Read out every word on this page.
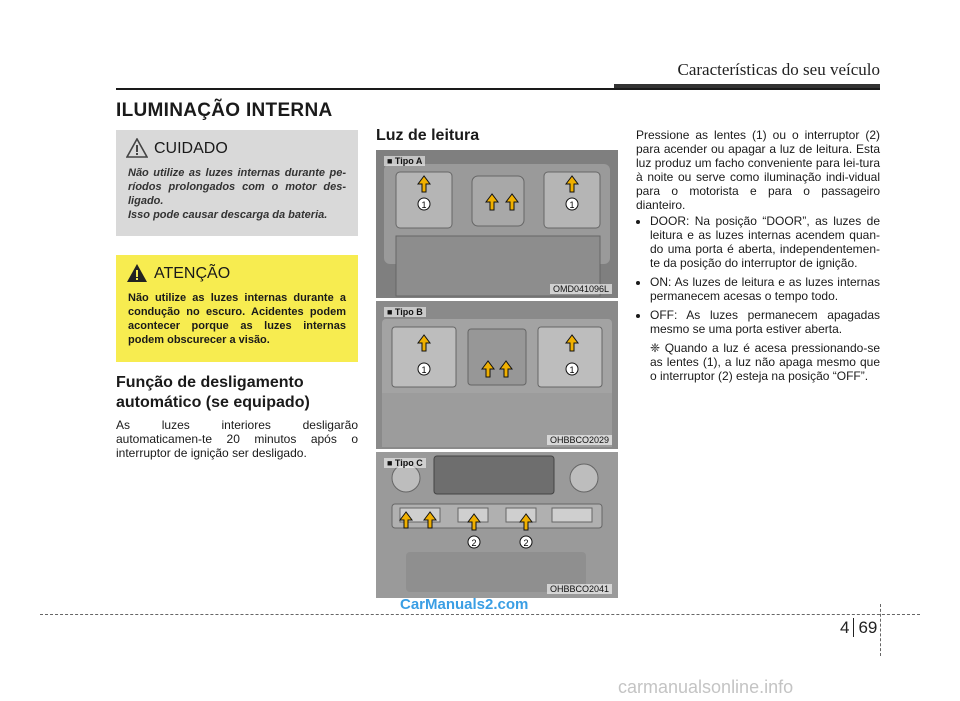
Características do seu veículo
ILUMINAÇÃO INTERNA
CUIDADO
Não utilize as luzes internas durante pe-ríodos prolongados com o motor des-ligado.
Isso pode causar descarga da bateria.
ATENÇÃO
Não utilize as luzes internas durante a condução no escuro. Acidentes podem acontecer porque as luzes internas podem obscurecer a visão.
Função de desligamento automático (se equipado)
As luzes interiores desligarão automaticamen-te 20 minutos após o interruptor de ignição ser desligado.
Luz de leitura
1	1
■ Tipo A
OMD041096L
1	1
■ Tipo B
OHBBCO2029
2	2
■ Tipo C
OHBBCO2041
Pressione as lentes (1) ou o interruptor (2) para acender ou apagar a luz de leitura. Esta luz produz um facho conveniente para lei-tura à noite ou serve como iluminação indi-vidual para o motorista e para o passageiro dianteiro.
• DOOR: Na posição “DOOR”, as luzes de leitura e as luzes internas acendem quan-do uma porta é aberta, independentemen-te da posição do interruptor de ignição.
• ON: As luzes de leitura e as luzes internas permanecem acesas o tempo todo.
• OFF: As luzes permanecem apagadas mesmo se uma porta estiver aberta.
❈ Quando a luz é acesa pressionando-se as lentes (1), a luz não apaga mesmo que o interruptor (2) esteja na posição “OFF”.
4 69
CarManuals2.com
carmanualsonline.info
